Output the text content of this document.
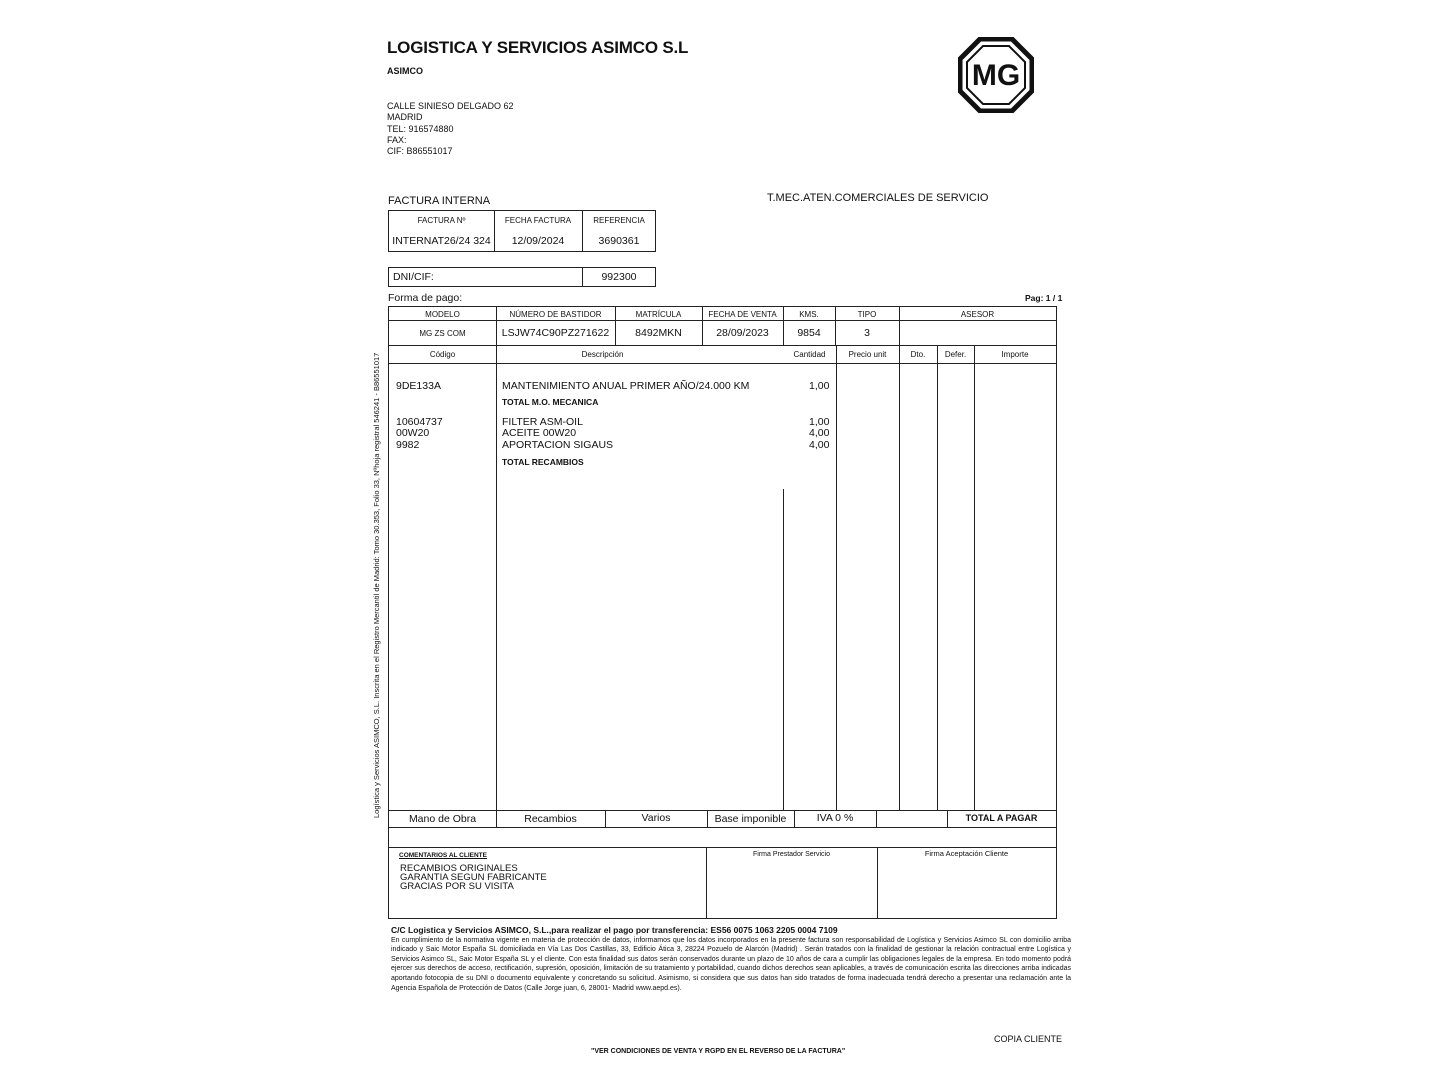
LOGISTICA Y SERVICIOS ASIMCO S.L
ASIMCO
CALLE SINIESO DELGADO 62
MADRID
TEL: 916574880
FAX:
CIF: B86551017
MG
FACTURA INTERNA	T.MEC.ATEN.COMERCIALES DE SERVICIO
FACTURA Nº	FECHA FACTURA	REFERENCIA
INTERNAT26/24 324	12/09/2024	3690361
DNI/CIF:	992300
Forma de pago:	Pag: 1 / 1
MODELO	NÚMERO DE BASTIDOR	MATRÍCULA	FECHA DE VENTA	KMS.	TIPO	ASESOR
MG ZS COM	LSJW74C90PZ271622	8492MKN	28/09/2023	9854	3
Código	Descripción	Cantidad	Precio unit	Dto.	Defer.	Importe
9DE133A	MANTENIMIENTO ANUAL PRIMER AÑO/24.000 KM	1,00
TOTAL M.O. MECANICA
10604737	FILTER ASM-OIL	1,00
00W20	ACEITE 00W20	4,00
9982	APORTACION SIGAUS	4,00
TOTAL RECAMBIOS
Mano de Obra	Recambios	Varios	Base imponible	IVA 0 %	TOTAL A PAGAR
COMENTARIOS AL CLIENTE
RECAMBIOS ORIGINALES
GARANTIA SEGUN FABRICANTE
GRACIAS POR SU VISITA
Firma Prestador Servicio	Firma Aceptación Cliente
Logística y Servicios ASIMCO, S.L. Inscrita en el Registro Mercantil de Madrid: Tomo 30.353, Folio 33, Nºhoja registral 546241 - B86551017
C/C Logistica y Servicios ASIMCO, S.L.,para realizar el pago por transferencia: ES56 0075 1063 2205 0004 7109
En cumplimiento de la normativa vigente en materia de protección de datos, informamos que los datos incorporados en la presente factura son responsabilidad de Logística y Servicios Asimco SL con domicilio arriba indicado y Saic Motor España SL domiciliada en Vía Las Dos Castillas, 33, Edificio Ática 3, 28224 Pozuelo de Alarcón (Madrid) . Serán tratados con la finalidad de gestionar la relación contractual entre Logística y Servicios Asimco SL, Saic Motor España SL y el cliente. Con esta finalidad sus datos serán conservados durante un plazo de 10 años de cara a cumplir las obligaciones legales de la empresa. En todo momento podrá ejercer sus derechos de acceso, rectificación, supresión, oposición, limitación de su tratamiento y portabilidad, cuando dichos derechos sean aplicables, a través de comunicación escrita las direcciones arriba indicadas aportando fotocopia de su DNI o documento equivalente y concretando su solicitud. Asimismo, si considera que sus datos han sido tratados de forma inadecuada tendrá derecho a presentar una reclamación ante la Agencia Española de Protección de Datos (Calle Jorge juan, 6, 28001- Madrid www.aepd.es).
COPIA CLIENTE
"VER CONDICIONES DE VENTA Y RGPD EN EL REVERSO DE LA FACTURA"
